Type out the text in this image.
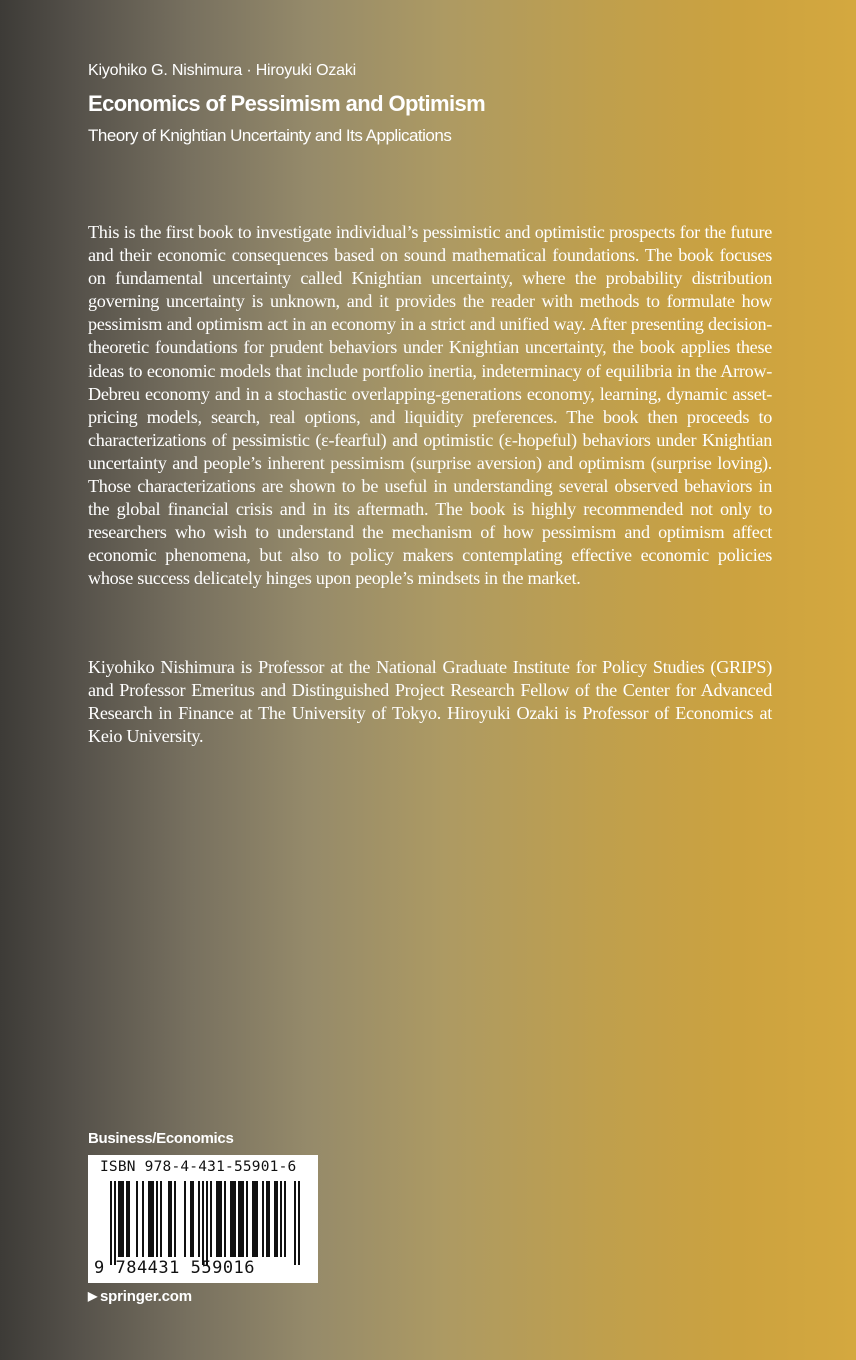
Kiyohiko G. Nishimura · Hiroyuki Ozaki
Economics of Pessimism and Optimism
Theory of Knightian Uncertainty and Its Applications

This is the first book to investigate individual’s pessimistic and optimistic prospects for the future and their economic consequences based on sound mathematical foundations. The book focuses on fundamental uncertainty called Knightian uncertainty, where the probability distribution governing uncertainty is unknown, and it provides the reader with methods to formulate how pessimism and optimism act in an economy in a strict and unified way. After presenting decision-theoretic foundations for prudent behaviors under Knightian uncertainty, the book applies these ideas to economic models that include portfolio inertia, indeterminacy of equilibria in the Arrow-Debreu economy and in a stochastic overlapping-generations economy, learning, dynamic asset-pricing models, search, real options, and liquidity preferences. The book then proceeds to characterizations of pessimistic (ε-fearful) and optimistic (ε-hopeful) behaviors under Knightian uncertainty and people’s inherent pessimism (surprise aversion) and optimism (surprise loving). Those characterizations are shown to be useful in understanding several observed behaviors in the global financial crisis and in its aftermath. The book is highly recommended not only to researchers who wish to understand the mechanism of how pessimism and optimism affect economic phenomena, but also to policy makers contemplating effective economic policies whose success delicately hinges upon people’s mindsets in the market.

Kiyohiko Nishimura is Professor at the National Graduate Institute for Policy Studies (GRIPS) and Professor Emeritus and Distinguished Project Research Fellow of the Center for Advanced Research in Finance at The University of Tokyo. Hiroyuki Ozaki is Professor of Economics at Keio University.
Business/Economics
ISBN 978-4-431-55901-6
9 784431 559016
▶ springer.com
